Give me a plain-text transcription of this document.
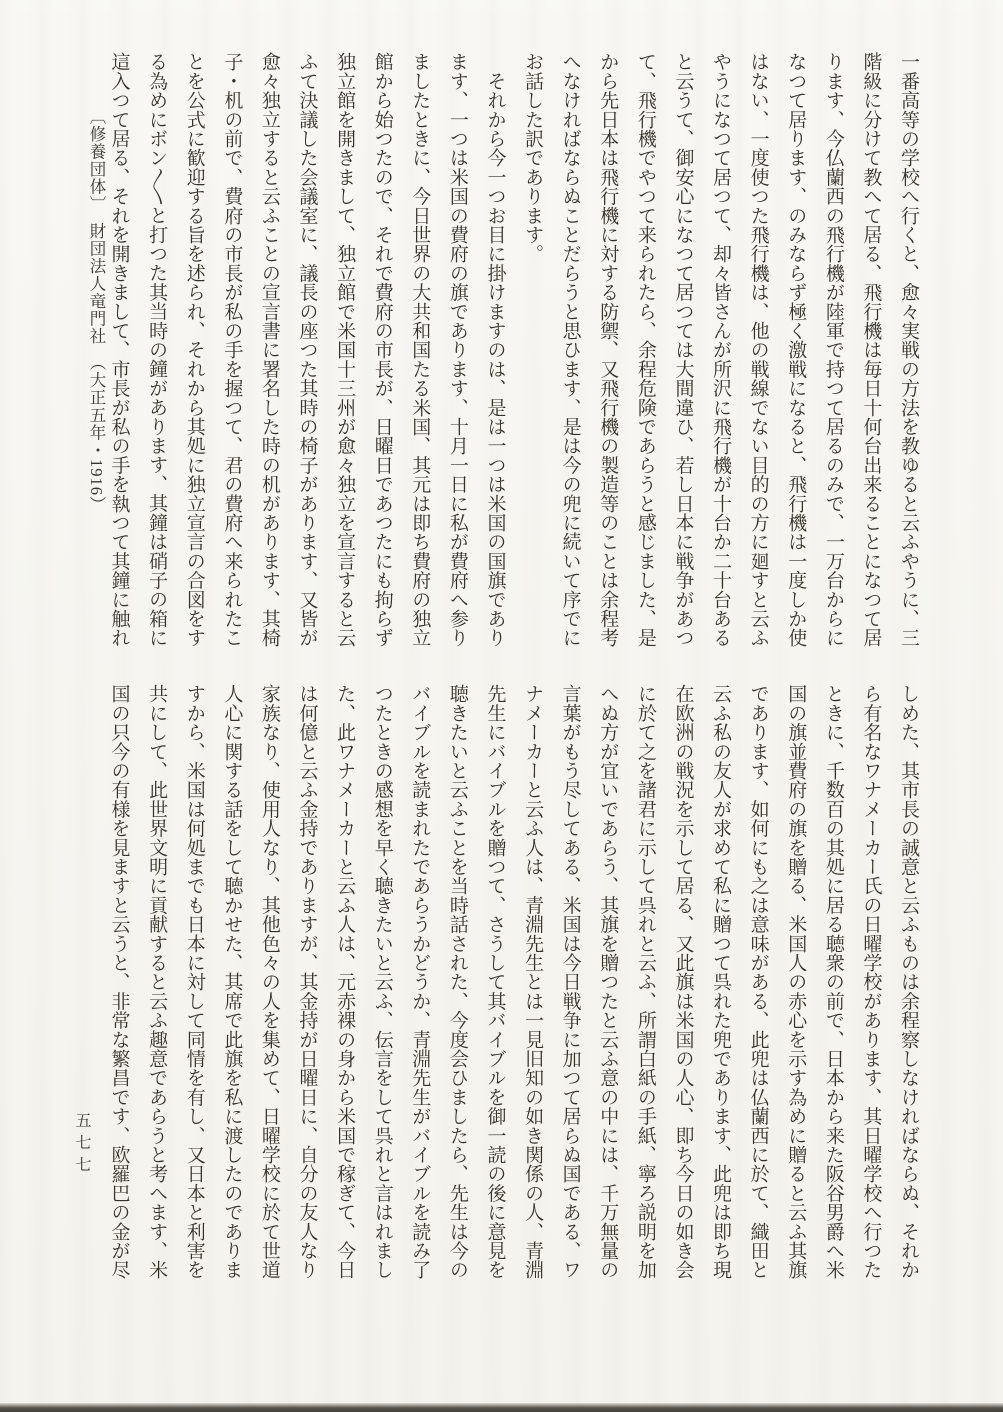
一番高等の学校へ行くと、愈々実戦の方法を教ゆると云ふやうに、三
階級に分けて教へて居る、飛行機は毎日十何台出来ることになつて居
ります、今仏蘭西の飛行機が陸軍で持つて居るのみで、一万台からに
なつて居ります、のみならず極く激戦になると、飛行機は一度しか使
はない、一度使つた飛行機は、他の戦線でない目的の方に廻すと云ふ
やうになつて居つて、却々皆さんが所沢に飛行機が十台か二十台ある
と云うて、御安心になつて居つては大間違ひ、若し日本に戦争があつ
て、飛行機でやつて来られたら、余程危険であらうと感じました、是
から先日本は飛行機に対する防禦、又飛行機の製造等のことは余程考
へなければならぬことだらうと思ひます、是は今の兜に続いて序でに
お話した訳であります。
　それから今一つお目に掛けますのは、是は一つは米国の国旗であり
ます、一つは米国の費府の旗であります、十月一日に私が費府へ参り
ましたときに、今日世界の大共和国たる米国、其元は即ち費府の独立
館から始つたので、それで費府の市長が、日曜日であつたにも拘らず
独立館を開きまして、独立館で米国十三州が愈々独立を宣言すると云
ふて決議した会議室に、議長の座つた其時の椅子があります、又皆が
愈々独立すると云ふことの宣言書に署名した時の机があります、其椅
子・机の前で、費府の市長が私の手を握つて、君の費府へ来られたこ
とを公式に歓迎する旨を述られ、それから其処に独立宣言の合図をす
る為めにボン〳〵と打つた其当時の鐘があります、其鐘は硝子の箱に
這入つて居る、それを開きまして、市長が私の手を執つて其鐘に触れ
〔修養団体〕　財団法人竜門社　（大正五年・1916）
しめた、其市長の誠意と云ふものは余程察しなければならぬ、それか
ら有名なワナメーカー氏の日曜学校があります、其日曜学校へ行つた
ときに、千数百の其処に居る聴衆の前で、日本から来た阪谷男爵へ米
国の旗並費府の旗を贈る、米国人の赤心を示す為めに贈ると云ふ其旗
であります、如何にも之は意味がある、此兜は仏蘭西に於て、織田と
云ふ私の友人が求めて私に贈つて呉れた兜であります、此兜は即ち現
在欧洲の戦況を示して居る、又此旗は米国の人心、即ち今日の如き会
に於て之を諸君に示して呉れと云ふ、所謂白紙の手紙、寧ろ説明を加
へぬ方が宜いであらう、其旗を贈つたと云ふ意の中には、千万無量の
言葉がもう尽してある、米国は今日戦争に加つて居らぬ国である、ワ
ナメーカーと云ふ人は、青淵先生とは一見旧知の如き関係の人、青淵
先生にバイブルを贈つて、さうして其バイブルを御一読の後に意見を
聴きたいと云ふことを当時話された、今度会ひましたら、先生は今の
バイブルを読まれたであらうかどうか、青淵先生がバイブルを読み了
つたときの感想を早く聴きたいと云ふ、伝言をして呉れと言はれまし
た、此ワナメーカーと云ふ人は、元赤裸の身から米国で稼ぎて、今日
は何億と云ふ金持でありますが、其金持が日曜日に、自分の友人なり
家族なり、使用人なり、其他色々の人を集めて、日曜学校に於て世道
人心に関する話をして聴かせた、其席で此旗を私に渡したのでありま
すから、米国は何処までも日本に対して同情を有し、又日本と利害を
共にして、此世界文明に貢献すると云ふ趣意であらうと考へます、米
国の只今の有様を見ますと云うと、非常な繁昌です、欧羅巴の金が尽
五七七
